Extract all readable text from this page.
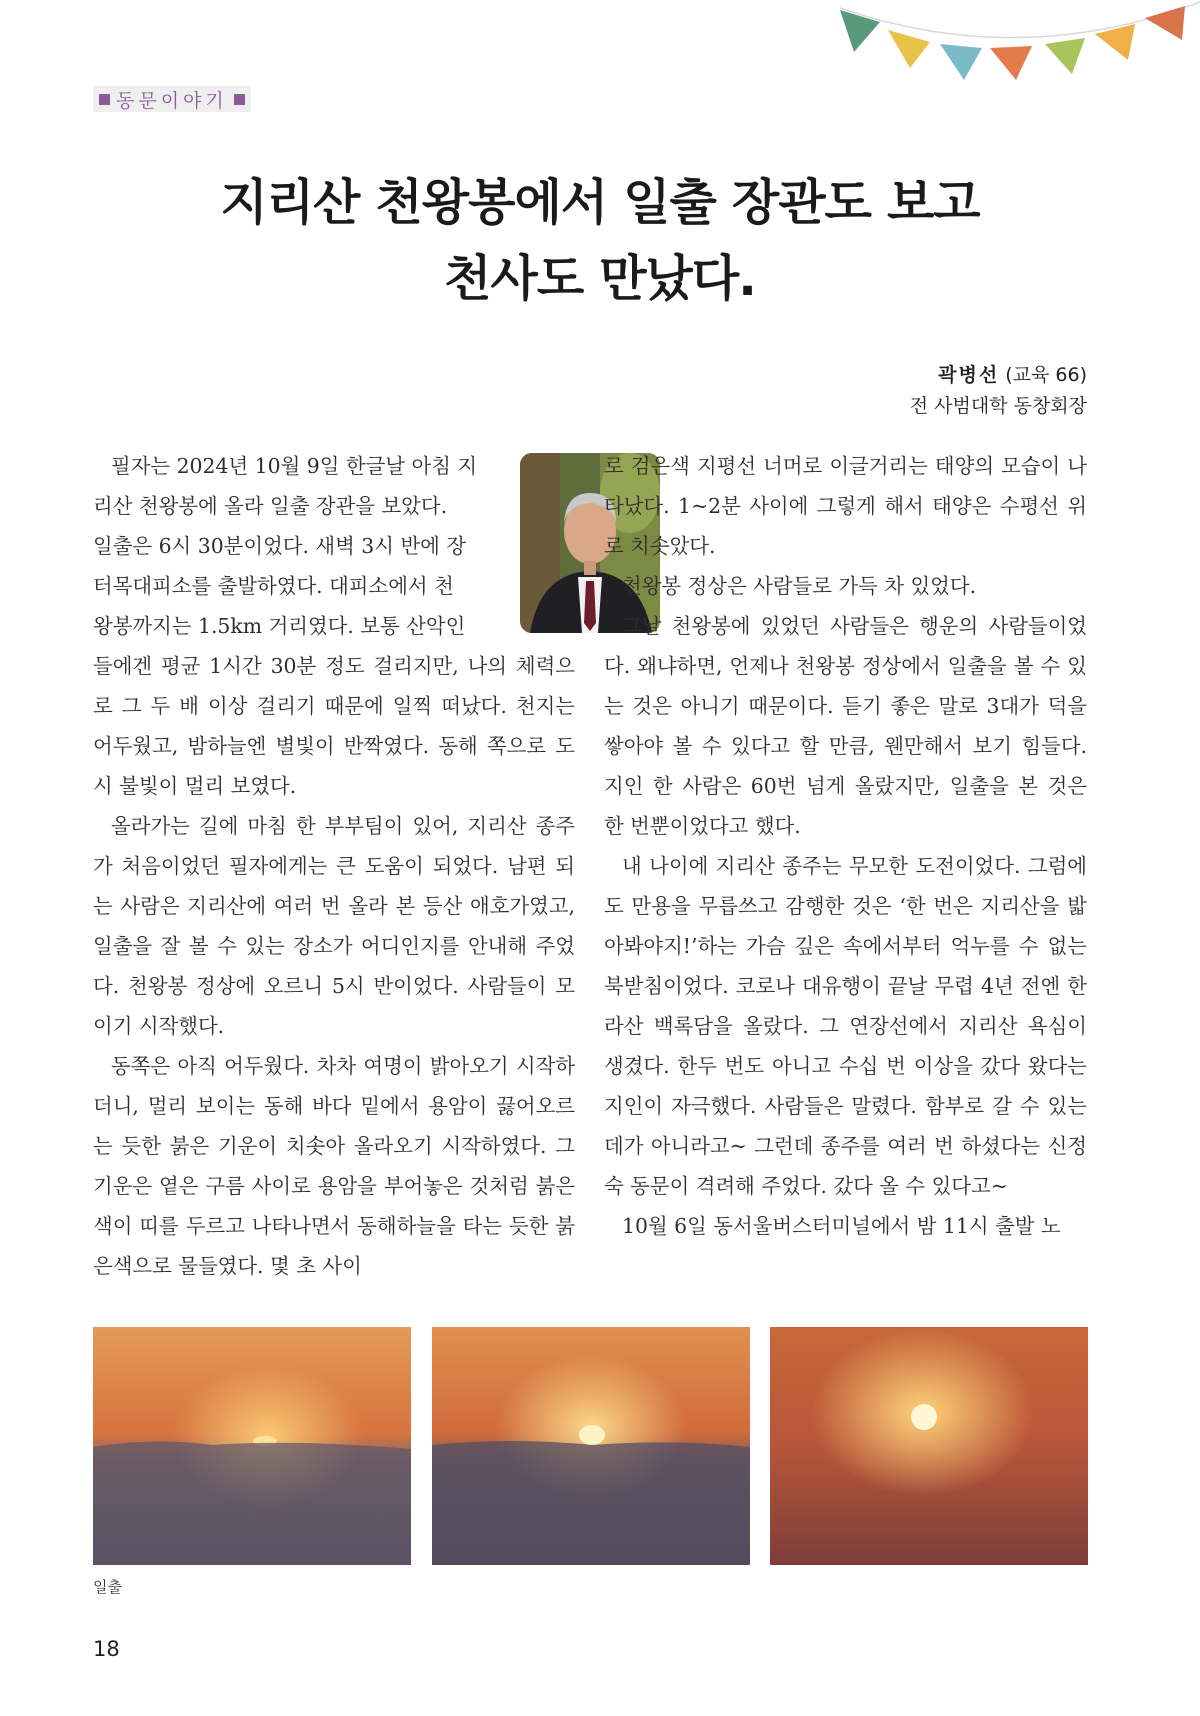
동문이야기
지리산 천왕봉에서 일출 장관도 보고
천사도 만났다.
곽병선 (교육 66)
전 사범대학 동창회장
필자는 2024년 10월 9일 한글날 아침 지
리산 천왕봉에 올라 일출 장관을 보았다.
일출은 6시 30분이었다. 새벽 3시 반에 장
터목대피소를 출발하였다. 대피소에서 천
왕봉까지는 1.5km 거리였다. 보통 산악인

들에겐 평균 1시간 30분 정도 걸리지만, 나의 체력으로 그 두 배 이상 걸리기 때문에 일찍 떠났다. 천지는 어두웠고, 밤하늘엔 별빛이 반짝였다. 동해 쪽으로 도시 불빛이 멀리 보였다.

올라가는 길에 마침 한 부부팀이 있어, 지리산 종주가 처음이었던 필자에게는 큰 도움이 되었다. 남편 되는 사람은 지리산에 여러 번 올라 본 등산 애호가였고, 일출을 잘 볼 수 있는 장소가 어디인지를 안내해 주었다. 천왕봉 정상에 오르니 5시 반이었다. 사람들이 모이기 시작했다.

동쪽은 아직 어두웠다. 차차 여명이 밝아오기 시작하더니, 멀리 보이는 동해 바다 밑에서 용암이 끓어오르는 듯한 붉은 기운이 치솟아 올라오기 시작하였다. 그 기운은 옅은 구름 사이로 용암을 부어놓은 것처럼 붉은색이 띠를 두르고 나타나면서 동해하늘을 타는 듯한 붉은색으로 물들였다. 몇 초 사이

로 검은색 지평선 너머로 이글거리는 태양의 모습이 나타났다. 1~2분 사이에 그렇게 해서 태양은 수평선 위로 치솟았다.

천왕봉 정상은 사람들로 가득 차 있었다.

그날 천왕봉에 있었던 사람들은 행운의 사람들이었다. 왜냐하면, 언제나 천왕봉 정상에서 일출을 볼 수 있는 것은 아니기 때문이다. 듣기 좋은 말로 3대가 덕을 쌓아야 볼 수 있다고 할 만큼, 웬만해서 보기 힘들다. 지인 한 사람은 60번 넘게 올랐지만, 일출을 본 것은 한 번뿐이었다고 했다.

내 나이에 지리산 종주는 무모한 도전이었다. 그럼에도 만용을 무릅쓰고 감행한 것은 ‘한 번은 지리산을 밟아봐야지!’하는 가슴 깊은 속에서부터 억누를 수 없는 북받침이었다. 코로나 대유행이 끝날 무렵 4년 전엔 한라산 백록담을 올랐다. 그 연장선에서 지리산 욕심이 생겼다. 한두 번도 아니고 수십 번 이상을 갔다 왔다는 지인이 자극했다. 사람들은 말렸다. 함부로 갈 수 있는 데가 아니라고~ 그런데 종주를 여러 번 하셨다는 신정숙 동문이 격려해 주었다. 갔다 올 수 있다고~

10월 6일 동서울버스터미널에서 밤 11시 출발 노

일출
18
